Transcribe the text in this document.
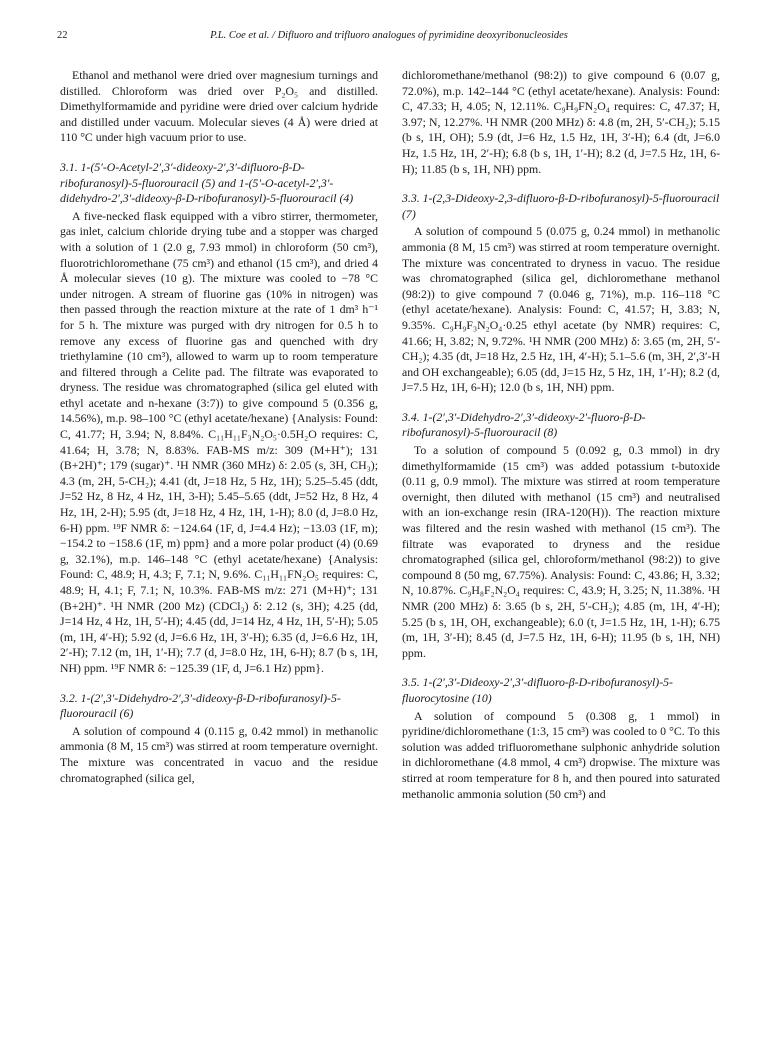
22	P.L. Coe et al. / Difluoro and trifluoro analogues of pyrimidine deoxyribonucleosides

Ethanol and methanol were dried over magnesium turnings and distilled. Chloroform was dried over P₂O₅ and distilled. Dimethylformamide and pyridine were dried over calcium hydride and distilled under vacuum. Molecular sieves (4 Å) were dried at 110 °C under high vacuum prior to use.

3.1. 1-(5′-O-Acetyl-2′,3′-dideoxy-2′,3′-difluoro-β-D-ribofuranosyl)-5-fluorouracil (5) and 1-(5′-O-acetyl-2′,3′-didehydro-2′,3′-dideoxy-β-D-ribofuranosyl)-5-fluorouracil (4)

A five-necked flask equipped with a vibro stirrer, thermometer, gas inlet, calcium chloride drying tube and a stopper was charged with a solution of 1 (2.0 g, 7.93 mmol) in chloroform (50 cm³), fluorotrichloromethane (75 cm³) and ethanol (15 cm³), and dried 4 Å molecular sieves (10 g). The mixture was cooled to −78 °C under nitrogen. A stream of fluorine gas (10% in nitrogen) was then passed through the reaction mixture at the rate of 1 dm³ h⁻¹ for 5 h. The mixture was purged with dry nitrogen for 0.5 h to remove any excess of fluorine gas and quenched with dry triethylamine (10 cm³), allowed to warm up to room temperature and filtered through a Celite pad. The filtrate was evaporated to dryness. The residue was chromatographed (silica gel eluted with ethyl acetate and n-hexane (3:7)) to give compound 5 (0.356 g, 14.56%), m.p. 98–100 °C (ethyl acetate/hexane) {Analysis: Found: C, 41.77; H, 3.94; N, 8.84%. C₁₁H₁₁F₃N₂O₅·0.5H₂O requires: C, 41.64; H, 3.78; N, 8.83%. FAB-MS m/z: 309 (M+H⁺); 131 (B+2H)⁺; 179 (sugar)⁺. ¹H NMR (360 MHz) δ: 2.05 (s, 3H, CH₃); 4.3 (m, 2H, 5-CH₂); 4.41 (dt, J=18 Hz, 5 Hz, 1H); 5.25–5.45 (ddt, J=52 Hz, 8 Hz, 4 Hz, 1H, 3-H); 5.45–5.65 (ddt, J=52 Hz, 8 Hz, 4 Hz, 1H, 2-H); 5.95 (dt, J=18 Hz, 4 Hz, 1H, 1-H); 8.0 (d, J=8.0 Hz, 6-H) ppm. ¹⁹F NMR δ: −124.64 (1F, d, J=4.4 Hz); −13.03 (1F, m); −154.2 to −158.6 (1F, m) ppm} and a more polar product (4) (0.69 g, 32.1%), m.p. 146–148 °C (ethyl acetate/hexane) {Analysis: Found: C, 48.9; H, 4.3; F, 7.1; N, 9.6%. C₁₁H₁₁FN₂O₅ requires: C, 48.9; H, 4.1; F, 7.1; N, 10.3%. FAB-MS m/z: 271 (M+H)⁺; 131 (B+2H)⁺. ¹H NMR (200 Mz) (CDCl₃) δ: 2.12 (s, 3H); 4.25 (dd, J=14 Hz, 4 Hz, 1H, 5′-H); 4.45 (dd, J=14 Hz, 4 Hz, 1H, 5′-H); 5.05 (m, 1H, 4′-H); 5.92 (d, J=6.6 Hz, 1H, 3′-H); 6.35 (d, J=6.6 Hz, 1H, 2′-H); 7.12 (m, 1H, 1′-H); 7.7 (d, J=8.0 Hz, 1H, 6-H); 8.7 (b s, 1H, NH) ppm. ¹⁹F NMR δ: −125.39 (1F, d, J=6.1 Hz) ppm}.

3.2. 1-(2′,3′-Didehydro-2′,3′-dideoxy-β-D-ribofuranosyl)-5-fluorouracil (6)

A solution of compound 4 (0.115 g, 0.42 mmol) in methanolic ammonia (8 M, 15 cm³) was stirred at room temperature overnight. The mixture was concentrated in vacuo and the residue chromatographed (silica gel,

dichloromethane/methanol (98:2)) to give compound 6 (0.07 g, 72.0%), m.p. 142–144 °C (ethyl acetate/hexane). Analysis: Found: C, 47.33; H, 4.05; N, 12.11%. C₉H₉FN₂O₄ requires: C, 47.37; H, 3.97; N, 12.27%. ¹H NMR (200 MHz) δ: 4.8 (m, 2H, 5′-CH₂); 5.15 (b s, 1H, OH); 5.9 (dt, J=6 Hz, 1.5 Hz, 1H, 3′-H); 6.4 (dt, J=6.0 Hz, 1.5 Hz, 1H, 2′-H); 6.8 (b s, 1H, 1′-H); 8.2 (d, J=7.5 Hz, 1H, 6-H); 11.85 (b s, 1H, NH) ppm.

3.3. 1-(2,3-Dideoxy-2,3-difluoro-β-D-ribofuranosyl)-5-fluorouracil (7)

A solution of compound 5 (0.075 g, 0.24 mmol) in methanolic ammonia (8 M, 15 cm³) was stirred at room temperature overnight. The mixture was concentrated to dryness in vacuo. The residue was chromatographed (silica gel, dichloromethane methanol (98:2)) to give compound 7 (0.046 g, 71%), m.p. 116–118 °C (ethyl acetate/hexane). Analysis: Found: C, 41.57; H, 3.83; N, 9.35%. C₉H₉F₃N₂O₄·0.25 ethyl acetate (by NMR) requires: C, 41.66; H, 3.82; N, 9.72%. ¹H NMR (200 MHz) δ: 3.65 (m, 2H, 5′-CH₂); 4.35 (dt, J=18 Hz, 2.5 Hz, 1H, 4′-H); 5.1–5.6 (m, 3H, 2′,3′-H and OH exchangeable); 6.05 (dd, J=15 Hz, 5 Hz, 1H, 1′-H); 8.2 (d, J=7.5 Hz, 1H, 6-H); 12.0 (b s, 1H, NH) ppm.

3.4. 1-(2′,3′-Didehydro-2′,3′-dideoxy-2′-fluoro-β-D-ribofuranosyl)-5-fluorouracil (8)

To a solution of compound 5 (0.092 g, 0.3 mmol) in dry dimethylformamide (15 cm³) was added potassium t-butoxide (0.11 g, 0.9 mmol). The mixture was stirred at room temperature overnight, then diluted with methanol (15 cm³) and neutralised with an ion-exchange resin (IRA-120(H)). The reaction mixture was filtered and the resin washed with methanol (15 cm³). The filtrate was evaporated to dryness and the residue chromatographed (silica gel, chloroform/methanol (98:2)) to give compound 8 (50 mg, 67.75%). Analysis: Found: C, 43.86; H, 3.32; N, 10.87%. C₉H₈F₂N₂O₄ requires: C, 43.9; H, 3.25; N, 11.38%. ¹H NMR (200 MHz) δ: 3.65 (b s, 2H, 5′-CH₂); 4.85 (m, 1H, 4′-H); 5.25 (b s, 1H, OH, exchangeable); 6.0 (t, J=1.5 Hz, 1H, 1-H); 6.75 (m, 1H, 3′-H); 8.45 (d, J=7.5 Hz, 1H, 6-H); 11.95 (b s, 1H, NH) ppm.

3.5. 1-(2′,3′-Dideoxy-2′,3′-difluoro-β-D-ribofuranosyl)-5-fluorocytosine (10)

A solution of compound 5 (0.308 g, 1 mmol) in pyridine/dichloromethane (1:3, 15 cm³) was cooled to 0 °C. To this solution was added trifluoromethane sulphonic anhydride solution in dichloromethane (4.8 mmol, 4 cm³) dropwise. The mixture was stirred at room temperature for 8 h, and then poured into saturated methanolic ammonia solution (50 cm³) and
